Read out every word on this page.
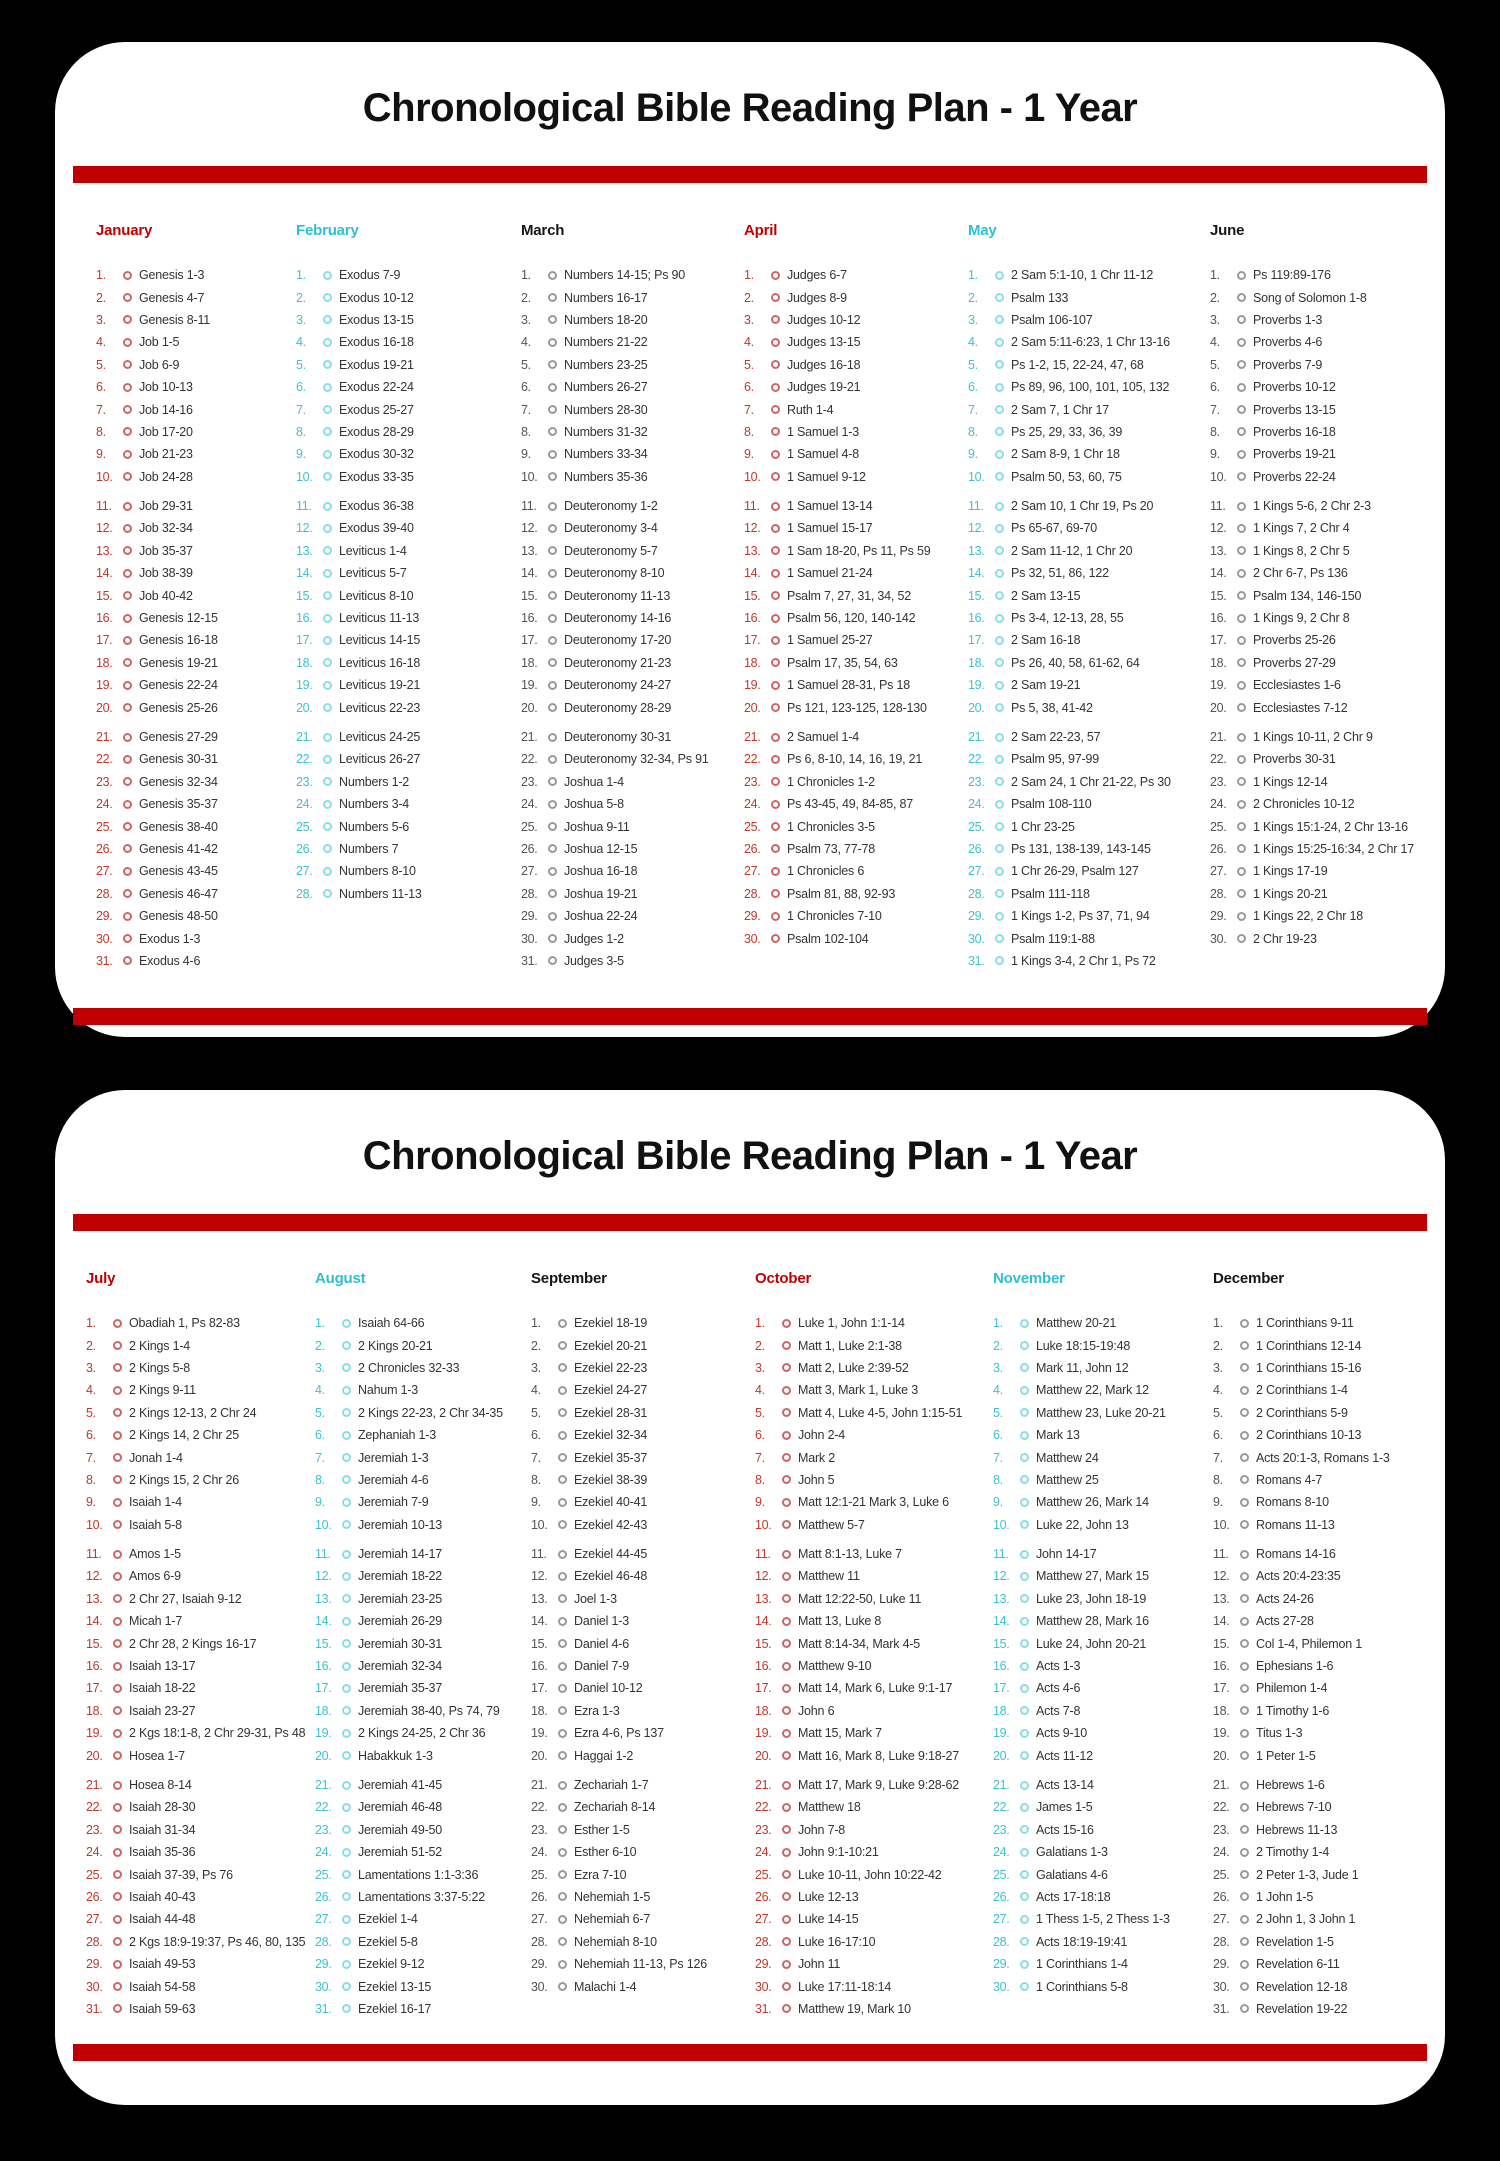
Chronological Bible Reading Plan - 1 Year
January
1.	Genesis 1-3
2.	Genesis 4-7
3.	Genesis 8-11
4.	Job 1-5
5.	Job 6-9
6.	Job 10-13
7.	Job 14-16
8.	Job 17-20
9.	Job 21-23
10.	Job 24-28
11.	Job 29-31
12.	Job 32-34
13.	Job 35-37
14.	Job 38-39
15.	Job 40-42
16.	Genesis 12-15
17.	Genesis 16-18
18.	Genesis 19-21
19.	Genesis 22-24
20.	Genesis 25-26
21.	Genesis 27-29
22.	Genesis 30-31
23.	Genesis 32-34
24.	Genesis 35-37
25.	Genesis 38-40
26.	Genesis 41-42
27.	Genesis 43-45
28.	Genesis 46-47
29.	Genesis 48-50
30.	Exodus 1-3
31.	Exodus 4-6
February
1.	Exodus 7-9
2.	Exodus 10-12
3.	Exodus 13-15
4.	Exodus 16-18
5.	Exodus 19-21
6.	Exodus 22-24
7.	Exodus 25-27
8.	Exodus 28-29
9.	Exodus 30-32
10.	Exodus 33-35
11.	Exodus 36-38
12.	Exodus 39-40
13.	Leviticus 1-4
14.	Leviticus 5-7
15.	Leviticus 8-10
16.	Leviticus 11-13
17.	Leviticus 14-15
18.	Leviticus 16-18
19.	Leviticus 19-21
20.	Leviticus 22-23
21.	Leviticus 24-25
22.	Leviticus 26-27
23.	Numbers 1-2
24.	Numbers 3-4
25.	Numbers 5-6
26.	Numbers 7
27.	Numbers 8-10
28.	Numbers 11-13
March
1.	Numbers 14-15; Ps 90
2.	Numbers 16-17
3.	Numbers 18-20
4.	Numbers 21-22
5.	Numbers 23-25
6.	Numbers 26-27
7.	Numbers 28-30
8.	Numbers 31-32
9.	Numbers 33-34
10.	Numbers 35-36
11.	Deuteronomy 1-2
12.	Deuteronomy 3-4
13.	Deuteronomy 5-7
14.	Deuteronomy 8-10
15.	Deuteronomy 11-13
16.	Deuteronomy 14-16
17.	Deuteronomy 17-20
18.	Deuteronomy 21-23
19.	Deuteronomy 24-27
20.	Deuteronomy 28-29
21.	Deuteronomy 30-31
22.	Deuteronomy 32-34, Ps 91
23.	Joshua 1-4
24.	Joshua 5-8
25.	Joshua 9-11
26.	Joshua 12-15
27.	Joshua 16-18
28.	Joshua 19-21
29.	Joshua 22-24
30.	Judges 1-2
31.	Judges 3-5
April
1.	Judges 6-7
2.	Judges 8-9
3.	Judges 10-12
4.	Judges 13-15
5.	Judges 16-18
6.	Judges 19-21
7.	Ruth 1-4
8.	1 Samuel 1-3
9.	1 Samuel 4-8
10.	1 Samuel 9-12
11.	1 Samuel 13-14
12.	1 Samuel 15-17
13.	1 Sam 18-20, Ps 11, Ps 59
14.	1 Samuel 21-24
15.	Psalm 7, 27, 31, 34, 52
16.	Psalm 56, 120, 140-142
17.	1 Samuel 25-27
18.	Psalm 17, 35, 54, 63
19.	1 Samuel 28-31, Ps 18
20.	Ps 121, 123-125, 128-130
21.	2 Samuel 1-4
22.	Ps 6, 8-10, 14, 16, 19, 21
23.	1 Chronicles 1-2
24.	Ps 43-45, 49, 84-85, 87
25.	1 Chronicles 3-5
26.	Psalm 73, 77-78
27.	1 Chronicles 6
28.	Psalm 81, 88, 92-93
29.	1 Chronicles 7-10
30.	Psalm 102-104
May
1.	2 Sam 5:1-10, 1 Chr 11-12
2.	Psalm 133
3.	Psalm 106-107
4.	2 Sam 5:11-6:23, 1 Chr 13-16
5.	Ps 1-2, 15, 22-24, 47, 68
6.	Ps 89, 96, 100, 101, 105, 132
7.	2 Sam 7, 1 Chr 17
8.	Ps 25, 29, 33, 36, 39
9.	2 Sam 8-9, 1 Chr 18
10.	Psalm 50, 53, 60, 75
11.	2 Sam 10, 1 Chr 19, Ps 20
12.	Ps 65-67, 69-70
13.	2 Sam 11-12, 1 Chr 20
14.	Ps 32, 51, 86, 122
15.	2 Sam 13-15
16.	Ps 3-4, 12-13, 28, 55
17.	2 Sam 16-18
18.	Ps 26, 40, 58, 61-62, 64
19.	2 Sam 19-21
20.	Ps 5, 38, 41-42
21.	2 Sam 22-23, 57
22.	Psalm 95, 97-99
23.	2 Sam 24, 1 Chr 21-22, Ps 30
24.	Psalm 108-110
25.	1 Chr 23-25
26.	Ps 131, 138-139, 143-145
27.	1 Chr 26-29, Psalm 127
28.	Psalm 111-118
29.	1 Kings 1-2, Ps 37, 71, 94
30.	Psalm 119:1-88
31.	1 Kings 3-4, 2 Chr 1, Ps 72
June
1.	Ps 119:89-176
2.	Song of Solomon 1-8
3.	Proverbs 1-3
4.	Proverbs 4-6
5.	Proverbs 7-9
6.	Proverbs 10-12
7.	Proverbs 13-15
8.	Proverbs 16-18
9.	Proverbs 19-21
10.	Proverbs 22-24
11.	1 Kings 5-6, 2 Chr 2-3
12.	1 Kings 7, 2 Chr 4
13.	1 Kings 8, 2 Chr 5
14.	2 Chr 6-7, Ps 136
15.	Psalm 134, 146-150
16.	1 Kings 9, 2 Chr 8
17.	Proverbs 25-26
18.	Proverbs 27-29
19.	Ecclesiastes 1-6
20.	Ecclesiastes 7-12
21.	1 Kings 10-11, 2 Chr 9
22.	Proverbs 30-31
23.	1 Kings 12-14
24.	2 Chronicles 10-12
25.	1 Kings 15:1-24, 2 Chr 13-16
26.	1 Kings 15:25-16:34, 2 Chr 17
27.	1 Kings 17-19
28.	1 Kings 20-21
29.	1 Kings 22, 2 Chr 18
30.	2 Chr 19-23
Chronological Bible Reading Plan - 1 Year
July
1.	Obadiah 1, Ps 82-83
2.	2 Kings 1-4
3.	2 Kings 5-8
4.	2 Kings 9-11
5.	2 Kings 12-13, 2 Chr 24
6.	2 Kings 14, 2 Chr 25
7.	Jonah 1-4
8.	2 Kings 15, 2 Chr 26
9.	Isaiah 1-4
10.	Isaiah 5-8
11.	Amos 1-5
12.	Amos 6-9
13.	2 Chr 27, Isaiah 9-12
14.	Micah 1-7
15.	2 Chr 28, 2 Kings 16-17
16.	Isaiah 13-17
17.	Isaiah 18-22
18.	Isaiah 23-27
19.	2 Kgs 18:1-8, 2 Chr 29-31, Ps 48
20.	Hosea 1-7
21.	Hosea 8-14
22.	Isaiah 28-30
23.	Isaiah 31-34
24.	Isaiah 35-36
25.	Isaiah 37-39, Ps 76
26.	Isaiah 40-43
27.	Isaiah 44-48
28.	2 Kgs 18:9-19:37, Ps 46, 80, 135
29.	Isaiah 49-53
30.	Isaiah 54-58
31.	Isaiah 59-63
August
1.	Isaiah 64-66
2.	2 Kings 20-21
3.	2 Chronicles 32-33
4.	Nahum 1-3
5.	2 Kings 22-23, 2 Chr 34-35
6.	Zephaniah 1-3
7.	Jeremiah 1-3
8.	Jeremiah 4-6
9.	Jeremiah 7-9
10.	Jeremiah 10-13
11.	Jeremiah 14-17
12.	Jeremiah 18-22
13.	Jeremiah 23-25
14.	Jeremiah 26-29
15.	Jeremiah 30-31
16.	Jeremiah 32-34
17.	Jeremiah 35-37
18.	Jeremiah 38-40, Ps 74, 79
19.	2 Kings 24-25, 2 Chr 36
20.	Habakkuk 1-3
21.	Jeremiah 41-45
22.	Jeremiah 46-48
23.	Jeremiah 49-50
24.	Jeremiah 51-52
25.	Lamentations 1:1-3:36
26.	Lamentations 3:37-5:22
27.	Ezekiel 1-4
28.	Ezekiel 5-8
29.	Ezekiel 9-12
30.	Ezekiel 13-15
31.	Ezekiel 16-17
September
1.	Ezekiel 18-19
2.	Ezekiel 20-21
3.	Ezekiel 22-23
4.	Ezekiel 24-27
5.	Ezekiel 28-31
6.	Ezekiel 32-34
7.	Ezekiel 35-37
8.	Ezekiel 38-39
9.	Ezekiel 40-41
10.	Ezekiel 42-43
11.	Ezekiel 44-45
12.	Ezekiel 46-48
13.	Joel 1-3
14.	Daniel 1-3
15.	Daniel 4-6
16.	Daniel 7-9
17.	Daniel 10-12
18.	Ezra 1-3
19.	Ezra 4-6, Ps 137
20.	Haggai 1-2
21.	Zechariah 1-7
22.	Zechariah 8-14
23.	Esther 1-5
24.	Esther 6-10
25.	Ezra 7-10
26.	Nehemiah 1-5
27.	Nehemiah 6-7
28.	Nehemiah 8-10
29.	Nehemiah 11-13, Ps 126
30.	Malachi 1-4
October
1.	Luke 1, John 1:1-14
2.	Matt 1, Luke 2:1-38
3.	Matt 2, Luke 2:39-52
4.	Matt 3, Mark 1, Luke 3
5.	Matt 4, Luke 4-5, John 1:15-51
6.	John 2-4
7.	Mark 2
8.	John 5
9.	Matt 12:1-21 Mark 3, Luke 6
10.	Matthew 5-7
11.	Matt 8:1-13, Luke 7
12.	Matthew 11
13.	Matt 12:22-50, Luke 11
14.	Matt 13, Luke 8
15.	Matt 8:14-34, Mark 4-5
16.	Matthew 9-10
17.	Matt 14, Mark 6, Luke 9:1-17
18.	John 6
19.	Matt 15, Mark 7
20.	Matt 16, Mark 8, Luke 9:18-27
21.	Matt 17, Mark 9, Luke 9:28-62
22.	Matthew 18
23.	John 7-8
24.	John 9:1-10:21
25.	Luke 10-11, John 10:22-42
26.	Luke 12-13
27.	Luke 14-15
28.	Luke 16-17:10
29.	John 11
30.	Luke 17:11-18:14
31.	Matthew 19, Mark 10
November
1.	Matthew 20-21
2.	Luke 18:15-19:48
3.	Mark 11, John 12
4.	Matthew 22, Mark 12
5.	Matthew 23, Luke 20-21
6.	Mark 13
7.	Matthew 24
8.	Matthew 25
9.	Matthew 26, Mark 14
10.	Luke 22, John 13
11.	John 14-17
12.	Matthew 27, Mark 15
13.	Luke 23, John 18-19
14.	Matthew 28, Mark 16
15.	Luke 24, John 20-21
16.	Acts 1-3
17.	Acts 4-6
18.	Acts 7-8
19.	Acts 9-10
20.	Acts 11-12
21.	Acts 13-14
22.	James 1-5
23.	Acts 15-16
24.	Galatians 1-3
25.	Galatians 4-6
26.	Acts 17-18:18
27.	1 Thess 1-5, 2 Thess 1-3
28.	Acts 18:19-19:41
29.	1 Corinthians 1-4
30.	1 Corinthians 5-8
December
1.	1 Corinthians 9-11
2.	1 Corinthians 12-14
3.	1 Corinthians 15-16
4.	2 Corinthians 1-4
5.	2 Corinthians 5-9
6.	2 Corinthians 10-13
7.	Acts 20:1-3, Romans 1-3
8.	Romans 4-7
9.	Romans 8-10
10.	Romans 11-13
11.	Romans 14-16
12.	Acts 20:4-23:35
13.	Acts 24-26
14.	Acts 27-28
15.	Col 1-4, Philemon 1
16.	Ephesians 1-6
17.	Philemon 1-4
18.	1 Timothy 1-6
19.	Titus 1-3
20.	1 Peter 1-5
21.	Hebrews 1-6
22.	Hebrews 7-10
23.	Hebrews 11-13
24.	2 Timothy 1-4
25.	2 Peter 1-3, Jude 1
26.	1 John 1-5
27.	2 John 1, 3 John 1
28.	Revelation 1-5
29.	Revelation 6-11
30.	Revelation 12-18
31.	Revelation 19-22
